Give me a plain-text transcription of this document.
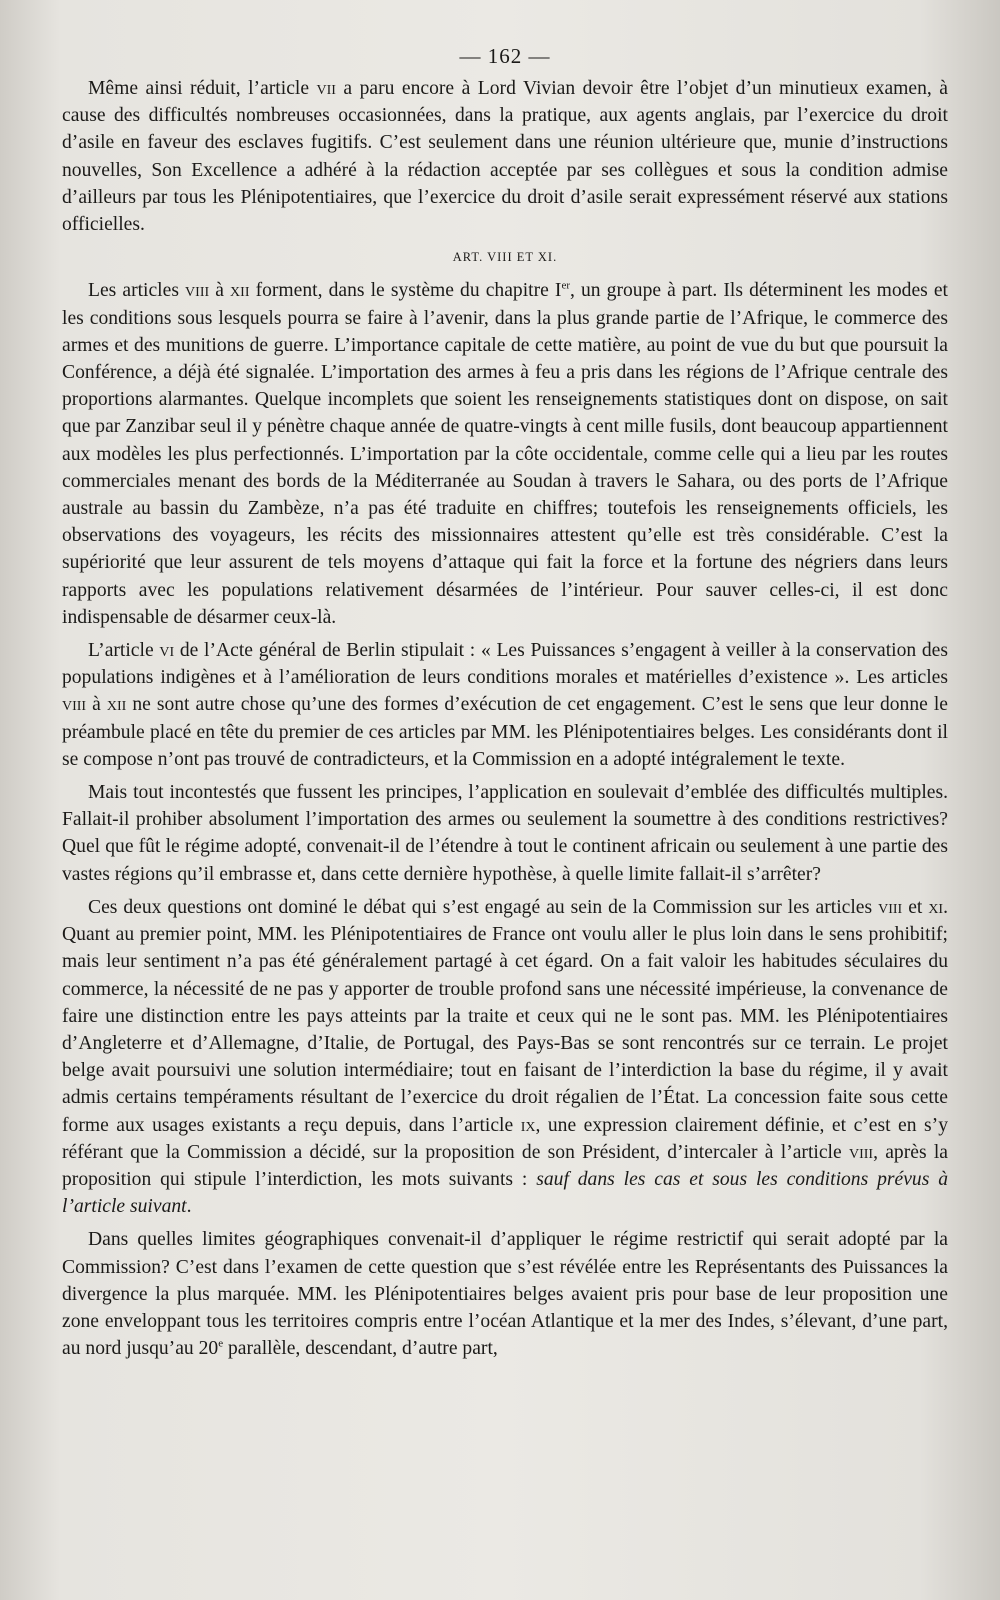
— 162 —

Même ainsi réduit, l’article vii a paru encore à Lord Vivian devoir être l’objet d’un minutieux examen, à cause des difficultés nombreuses occasionnées, dans la pratique, aux agents anglais, par l’exercice du droit d’asile en faveur des esclaves fugitifs. C’est seulement dans une réunion ultérieure que, munie d’instructions nouvelles, Son Excellence a adhéré à la rédaction acceptée par ses collègues et sous la condition admise d’ailleurs par tous les Plénipotentiaires, que l’exercice du droit d’asile serait expressément réservé aux stations officielles.

ART. VIII ET XI.

Les articles viii à xii forment, dans le système du chapitre Ier, un groupe à part. Ils déterminent les modes et les conditions sous lesquels pourra se faire à l’avenir, dans la plus grande partie de l’Afrique, le commerce des armes et des munitions de guerre. L’importance capitale de cette matière, au point de vue du but que poursuit la Conférence, a déjà été signalée. L’importation des armes à feu a pris dans les régions de l’Afrique centrale des proportions alarmantes. Quelque incomplets que soient les renseignements statistiques dont on dispose, on sait que par Zanzibar seul il y pénètre chaque année de quatre-vingts à cent mille fusils, dont beaucoup appartiennent aux modèles les plus perfectionnés. L’importation par la côte occidentale, comme celle qui a lieu par les routes commerciales menant des bords de la Méditerranée au Soudan à travers le Sahara, ou des ports de l’Afrique australe au bassin du Zambèze, n’a pas été traduite en chiffres; toutefois les renseignements officiels, les observations des voyageurs, les récits des missionnaires attestent qu’elle est très considérable. C’est la supériorité que leur assurent de tels moyens d’attaque qui fait la force et la fortune des négriers dans leurs rapports avec les populations relativement désarmées de l’intérieur. Pour sauver celles-ci, il est donc indispensable de désarmer ceux-là.

L’article vi de l’Acte général de Berlin stipulait : « Les Puissances s’engagent à veiller à la conservation des populations indigènes et à l’amélioration de leurs conditions morales et matérielles d’existence ». Les articles viii à xii ne sont autre chose qu’une des formes d’exécution de cet engagement. C’est le sens que leur donne le préambule placé en tête du premier de ces articles par MM. les Plénipotentiaires belges. Les considérants dont il se compose n’ont pas trouvé de contradicteurs, et la Commission en a adopté intégralement le texte.

Mais tout incontestés que fussent les principes, l’application en soulevait d’emblée des difficultés multiples. Fallait-il prohiber absolument l’importation des armes ou seulement la soumettre à des conditions restrictives? Quel que fût le régime adopté, convenait-il de l’étendre à tout le continent africain ou seulement à une partie des vastes régions qu’il embrasse et, dans cette dernière hypothèse, à quelle limite fallait-il s’arrêter?

Ces deux questions ont dominé le débat qui s’est engagé au sein de la Commission sur les articles viii et xi. Quant au premier point, MM. les Plénipotentiaires de France ont voulu aller le plus loin dans le sens prohibitif; mais leur sentiment n’a pas été généralement partagé à cet égard. On a fait valoir les habitudes séculaires du commerce, la nécessité de ne pas y apporter de trouble profond sans une nécessité impérieuse, la convenance de faire une distinction entre les pays atteints par la traite et ceux qui ne le sont pas. MM. les Plénipotentiaires d’Angleterre et d’Allemagne, d’Italie, de Portugal, des Pays-Bas se sont rencontrés sur ce terrain. Le projet belge avait poursuivi une solution intermédiaire; tout en faisant de l’interdiction la base du régime, il y avait admis certains tempéraments résultant de l’exercice du droit régalien de l’État. La concession faite sous cette forme aux usages existants a reçu depuis, dans l’article ix, une expression clairement définie, et c’est en s’y référant que la Commission a décidé, sur la proposition de son Président, d’intercaler à l’article viii, après la proposition qui stipule l’interdiction, les mots suivants : sauf dans les cas et sous les conditions prévus à l’article suivant.

Dans quelles limites géographiques convenait-il d’appliquer le régime restrictif qui serait adopté par la Commission? C’est dans l’examen de cette question que s’est révélée entre les Représentants des Puissances la divergence la plus marquée. MM. les Plénipotentiaires belges avaient pris pour base de leur proposition une zone enveloppant tous les territoires compris entre l’océan Atlantique et la mer des Indes, s’élevant, d’une part, au nord jusqu’au 20e parallèle, descendant, d’autre part,
